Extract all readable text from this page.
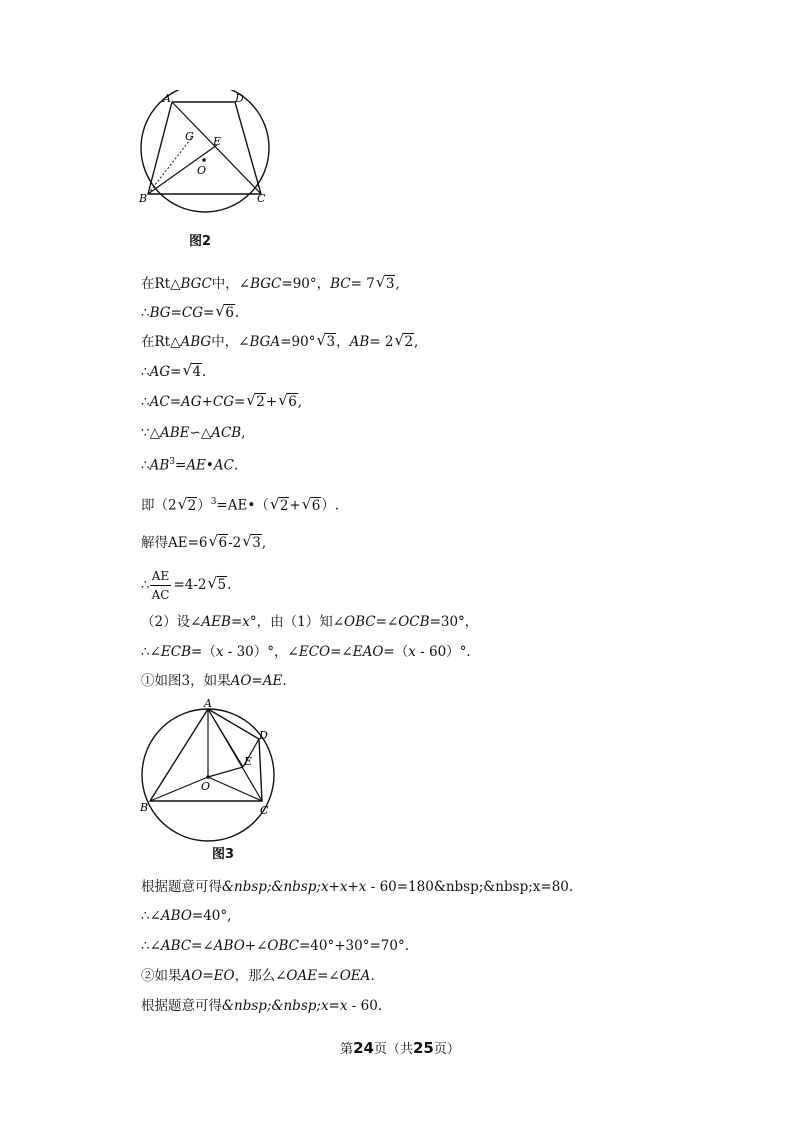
A	D
G E
O
B	C
图2
在Rt△BGC中，∠BGC=90°，BC= 7√ 3,
∴BG=CG=√ 6.
在Rt△ABG中，∠BGA=90°√ 3，AB= 2√ 2,
∴AG=√ 4.
∴AC=AG+CG=√ 2+√ 6,
∵△ABE∽△ACB,
$\therefore AB^3=AE•AC$.
即（2√ 2）$^3$=AE•（√ 2+√ 6）.
解得AE=6√ 6-2√ 3,
∴ $\frac{AE}{AC} =4-2√$ 5.
（2）设∠AEB=x°，由（1）知∠OBC=∠OCB=30°，
∴∠ECB=（x - 30）°，∠ECO=∠EAO=（x - 60）°.
①如图3，如果AO=AE.
A
D
E
O
B	C
图3
根据题意可得&nbsp;&nbsp;x+x+x - 60=180&nbsp;&nbsp;x=80.
∴∠ABO=40°,
∴∠ABC=∠ABO+∠OBC=40°+30°=70°.
②如果AO=EO，那么∠OAE=∠OEA.
根据题意可得&nbsp;&nbsp;x=x - 60.
第24页（共25页）
